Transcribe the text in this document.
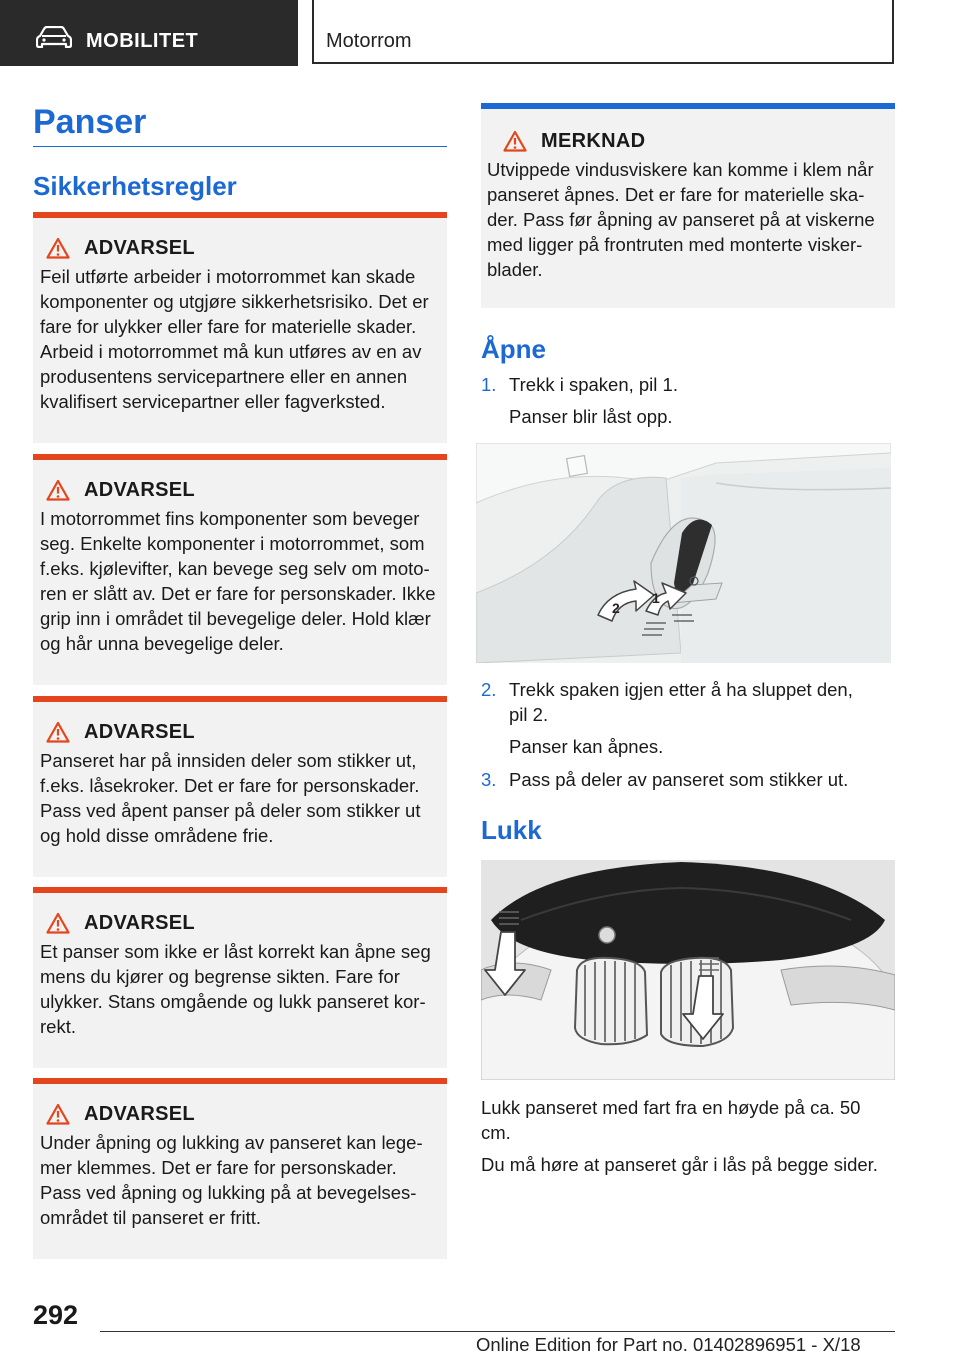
MOBILITET	Motorrom
Panser
Sikkerhetsregler
ADVARSEL
Feil utførte arbeider i motorrommet kan skade komponenter og utgjøre sikkerhetsrisiko. Det er fare for ulykker eller fare for materielle skader. Arbeid i motorrommet må kun utføres av en av produsentens servicepartnere eller en annen kvalifisert servicepartner eller fagverksted.
ADVARSEL
I motorrommet fins komponenter som beveger seg. Enkelte komponenter i motorrommet, som f.eks. kjølevifter, kan bevege seg selv om motoren er slått av. Det er fare for personskader. Ikke grip inn i området til bevegelige deler. Hold klær og hår unna bevegelige deler.
ADVARSEL
Panseret har på innsiden deler som stikker ut, f.eks. låsekroker. Det er fare for personskader. Pass ved åpent panser på deler som stikker ut og hold disse områdene frie.
ADVARSEL
Et panser som ikke er låst korrekt kan åpne seg mens du kjører og begrense sikten. Fare for ulykker. Stans omgående og lukk panseret korrekt.
ADVARSEL
Under åpning og lukking av panseret kan legemer klemmes. Det er fare for personskader. Pass ved åpning og lukking på at bevegelsesområdet til panseret er fritt.
MERKNAD
Utvippede vindusviskere kan komme i klem når panseret åpnes. Det er fare for materielle skader. Pass før åpning av panseret på at viskerne med ligger på frontruten med monterte viskerblader.
Åpne
1. Trekk i spaken, pil 1.
Panser blir låst opp.
2
1
2. Trekk spaken igjen etter å ha sluppet den, pil 2.
Panser kan åpnes.
3. Pass på deler av panseret som stikker ut.
Lukk
Lukk panseret med fart fra en høyde på ca. 50 cm.
Du må høre at panseret går i lås på begge sider.
292
Online Edition for Part no. 01402896951 - X/18
